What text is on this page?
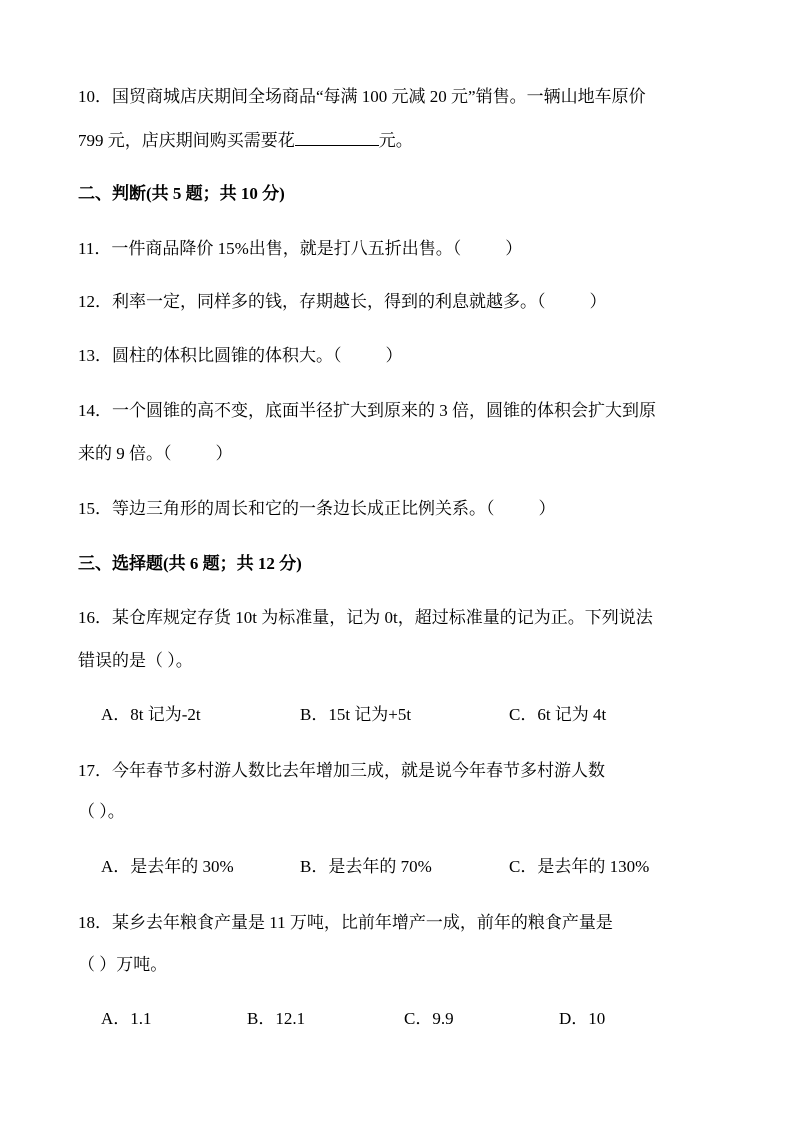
10．国贸商城店庆期间全场商品“每满 100 元减 20 元”销售。一辆山地车原价
799 元，店庆期间购买需要花	元。
二、判断(共 5 题；共 10 分)
11．一件商品降价 15%出售，就是打八五折出售。（	）
12．利率一定，同样多的钱，存期越长，得到的利息就越多。（	）
13．圆柱的体积比圆锥的体积大。（	）
14．一个圆锥的高不变，底面半径扩大到原来的 3 倍，圆锥的体积会扩大到原
来的 9 倍。（	）
15．等边三角形的周长和它的一条边长成正比例关系。（	）
三、选择题(共 6 题；共 12 分)
16．某仓库规定存货 10t 为标准量，记为 0t，超过标准量的记为正。下列说法
错误的是（ ）。
A．8t 记为-2t	B．15t 记为+5t	C．6t 记为 4t
17．今年春节多村游人数比去年增加三成，就是说今年春节多村游人数
（ ）。
A．是去年的 30%	B．是去年的 70%	C．是去年的 130%
18．某乡去年粮食产量是 11 万吨，比前年增产一成，前年的粮食产量是
（ ）万吨。
A．1.1	B．12.1	C．9.9	D．10
